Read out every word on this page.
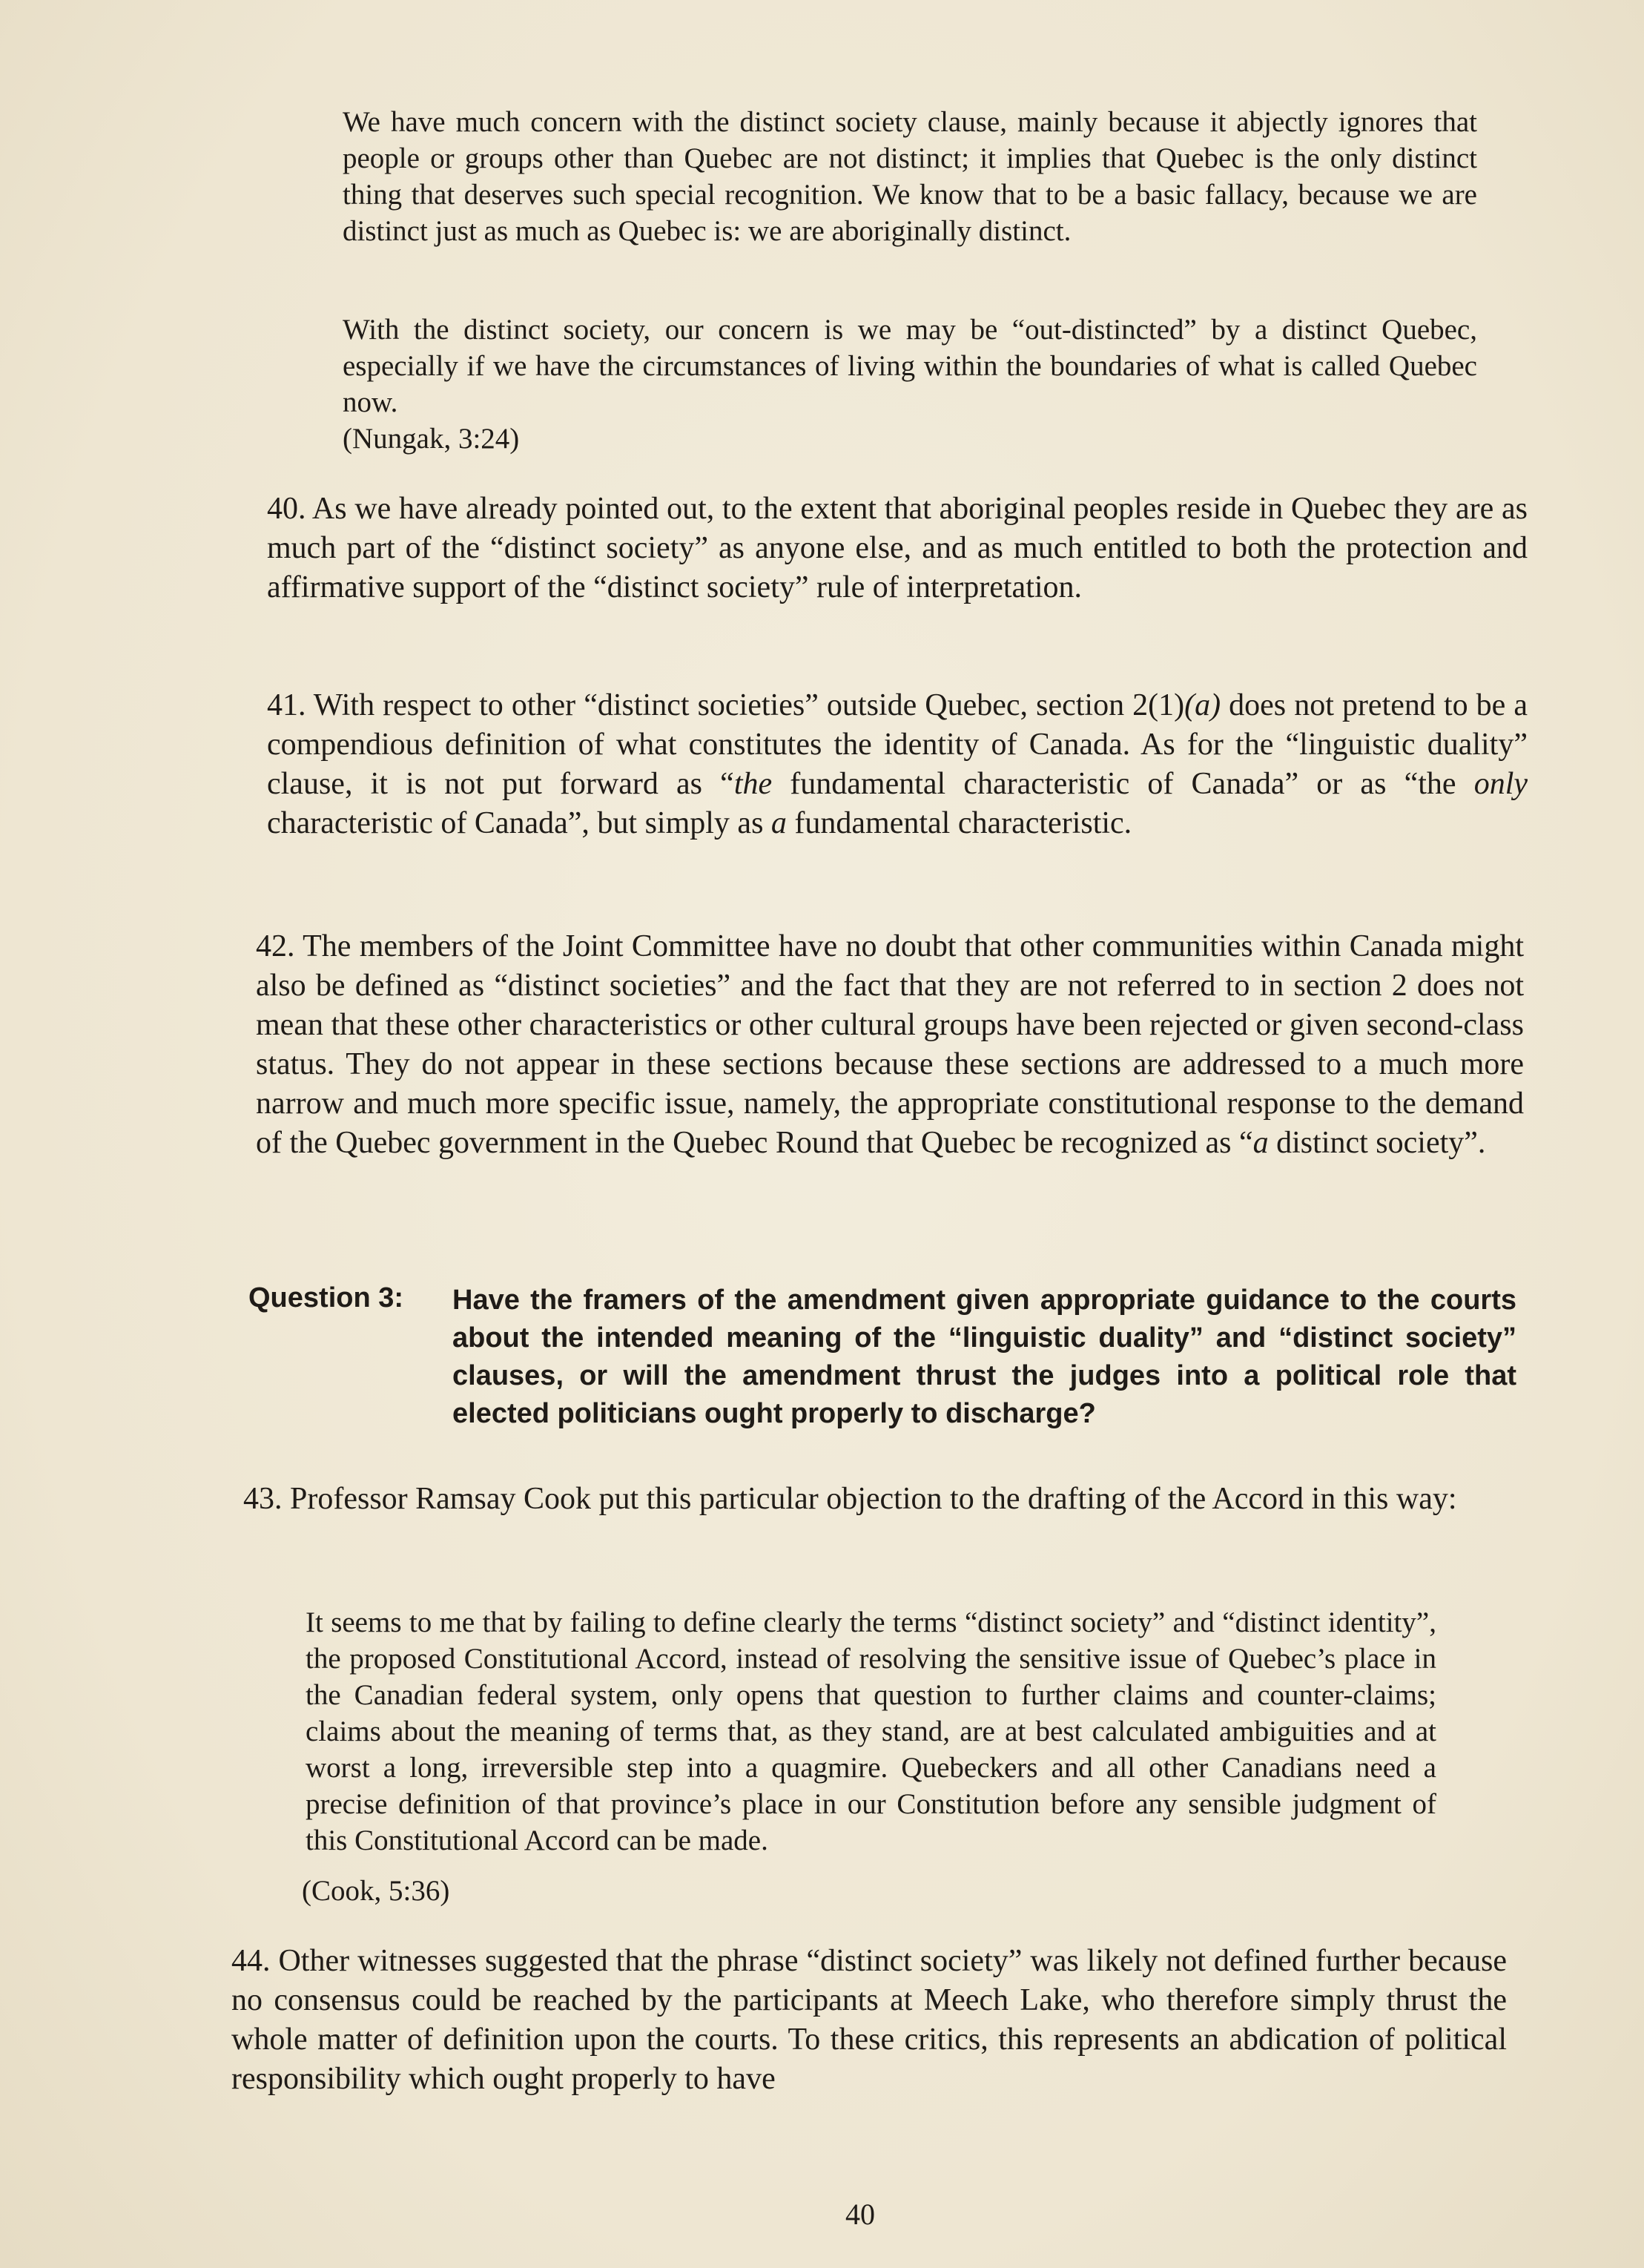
We have much concern with the distinct society clause, mainly because it abjectly ignores that people or groups other than Quebec are not distinct; it implies that Quebec is the only distinct thing that deserves such special recognition. We know that to be a basic fallacy, because we are distinct just as much as Quebec is: we are aboriginally distinct.

With the distinct society, our concern is we may be “out-distincted” by a distinct Quebec, especially if we have the circumstances of living within the boundaries of what is called Quebec now.

(Nungak, 3:24)

40. As we have already pointed out, to the extent that aboriginal peoples reside in Quebec they are as much part of the “distinct society” as anyone else, and as much entitled to both the protection and affirmative support of the “distinct society” rule of interpretation.

41. With respect to other “distinct societies” outside Quebec, section 2(1)(a) does not pretend to be a compendious definition of what constitutes the identity of Canada. As for the “linguistic duality” clause, it is not put forward as “the fundamental characteristic of Canada” or as “the only characteristic of Canada”, but simply as a fundamental characteristic.

42. The members of the Joint Committee have no doubt that other communities within Canada might also be defined as “distinct societies” and the fact that they are not referred to in section 2 does not mean that these other characteristics or other cultural groups have been rejected or given second-class status. They do not appear in these sections because these sections are addressed to a much more narrow and much more specific issue, namely, the appropriate constitutional response to the demand of the Quebec government in the Quebec Round that Quebec be recognized as “a distinct society”.

Question 3: Have the framers of the amendment given appropriate guidance to the courts about the intended meaning of the “linguistic duality” and “distinct society” clauses, or will the amendment thrust the judges into a political role that elected politicians ought properly to discharge?

43. Professor Ramsay Cook put this particular objection to the drafting of the Accord in this way:

It seems to me that by failing to define clearly the terms “distinct society” and “distinct identity”, the proposed Constitutional Accord, instead of resolving the sensitive issue of Quebec’s place in the Canadian federal system, only opens that question to further claims and counter-claims; claims about the meaning of terms that, as they stand, are at best calculated ambiguities and at worst a long, irreversible step into a quagmire. Quebeckers and all other Canadians need a precise definition of that province’s place in our Constitution before any sensible judgment of this Constitutional Accord can be made.

(Cook, 5:36)

44. Other witnesses suggested that the phrase “distinct society” was likely not defined further because no consensus could be reached by the participants at Meech Lake, who therefore simply thrust the whole matter of definition upon the courts. To these critics, this represents an abdication of political responsibility which ought properly to have

40
